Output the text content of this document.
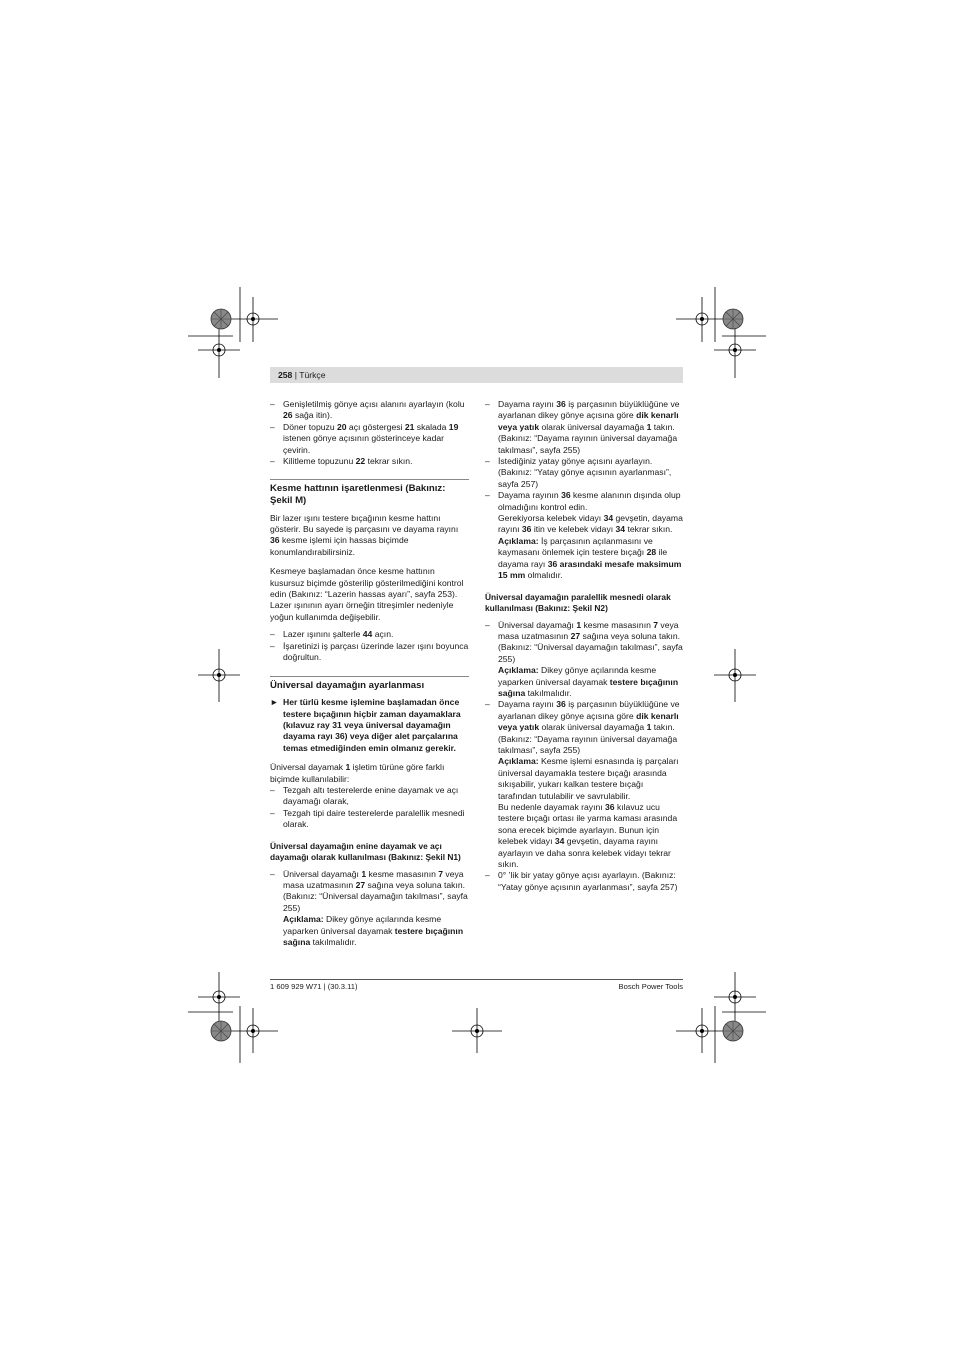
258 | Türkçe
– Genişletilmiş gönye açısı alanını ayarlayın (kolu 26 sağa itin).
– Döner topuzu 20 açı göstergesi 21 skalada 19 istenen gönye açısının gösterinceye kadar çevirin.
– Kilitleme topuzunu 22 tekrar sıkın.
Kesme hattının işaretlenmesi (Bakınız: Şekil M)

Bir lazer ışını testere bıçağının kesme hattını gösterir. Bu sayede iş parçasını ve dayama rayını 36 kesme işlemi için hassas biçimde konumlandırabilirsiniz.

Kesmeye başlamadan önce kesme hattının kusursuz biçimde gösterilip gösterilmediğini kontrol edin (Bakınız: “Lazerin hassas ayarı”, sayfa 253). Lazer ışınının ayarı örneğin titreşimler nedeniyle yoğun kullanımda değişebilir.

– Lazer ışınını şalterle 44 açın.
– İşaretinizi iş parçası üzerinde lazer ışını boyunca doğrultun.
Üniversal dayamağın ayarlanması
► Her türlü kesme işlemine başlamadan önce testere bıçağının hiçbir zaman dayamaklara (kılavuz ray 31 veya üniversal dayamağın dayama rayı 36) veya diğer alet parçalarına temas etmediğinden emin olmanız gerekir.

Üniversal dayamak 1 işletim türüne göre farklı biçimde kullanılabilir:

– Tezgah altı testerelerde enine dayamak ve açı dayamağı olarak,
– Tezgah tipi daire testerelerde paralellik mesnedi olarak.
Üniversal dayamağın enine dayamak ve açı dayamağı olarak kullanılması (Bakınız: Şekil N1)
– Üniversal dayamağı 1 kesme masasının 7 veya masa uzatmasının 27 sağına veya soluna takın. (Bakınız: “Üniversal dayamağın takılması”, sayfa 255)
Açıklama: Dikey gönye açılarında kesme yaparken üniversal dayamak testere bıçağının sağına takılmalıdır.
– Dayama rayını 36 iş parçasının büyüklüğüne ve ayarlanan dikey gönye açısına göre dik kenarlı veya yatık olarak üniversal dayamağa 1 takın. (Bakınız: “Dayama rayının üniversal dayamağa takılması”, sayfa 255)
– İstediğiniz yatay gönye açısını ayarlayın. (Bakınız: “Yatay gönye açısının ayarlanması”, sayfa 257)
– Dayama rayının 36 kesme alanının dışında olup olmadığını kontrol edin.
Gerekiyorsa kelebek vidayı 34 gevşetin, dayama rayını 36 itin ve kelebek vidayı 34 tekrar sıkın.
Açıklama: İş parçasının açılanmasını ve kaymasanı önlemek için testere bıçağı 28 ile dayama rayı 36 arasındaki mesafe maksimum 15 mm olmalıdır.
Üniversal dayamağın paralellik mesnedi olarak kullanılması (Bakınız: Şekil N2)
– Üniversal dayamağı 1 kesme masasının 7 veya masa uzatmasının 27 sağına veya soluna takın. (Bakınız: “Üniversal dayamağın takılması”, sayfa 255)
Açıklama: Dikey gönye açılarında kesme yaparken üniversal dayamak testere bıçağının sağına takılmalıdır.
– Dayama rayını 36 iş parçasının büyüklüğüne ve ayarlanan dikey gönye açısına göre dik kenarlı veya yatık olarak üniversal dayamağa 1 takın. (Bakınız: “Dayama rayının üniversal dayamağa takılması”, sayfa 255)
Açıklama: Kesme işlemi esnasında iş parçaları üniversal dayamakla testere bıçağı arasında sıkışabilir, yukarı kalkan testere bıçağı tarafından tutulabilir ve savrulabilir.
Bu nedenle dayamak rayını 36 kılavuz ucu testere bıçağı ortası ile yarma kaması arasında sona erecek biçimde ayarlayın. Bunun için kelebek vidayı 34 gevşetin, dayama rayını ayarlayın ve daha sonra kelebek vidayı tekrar sıkın.
– 0° ’lik bir yatay gönye açısı ayarlayın. (Bakınız: “Yatay gönye açısının ayarlanması”, sayfa 257)
1 609 929 W71 | (30.3.11)	Bosch Power Tools
